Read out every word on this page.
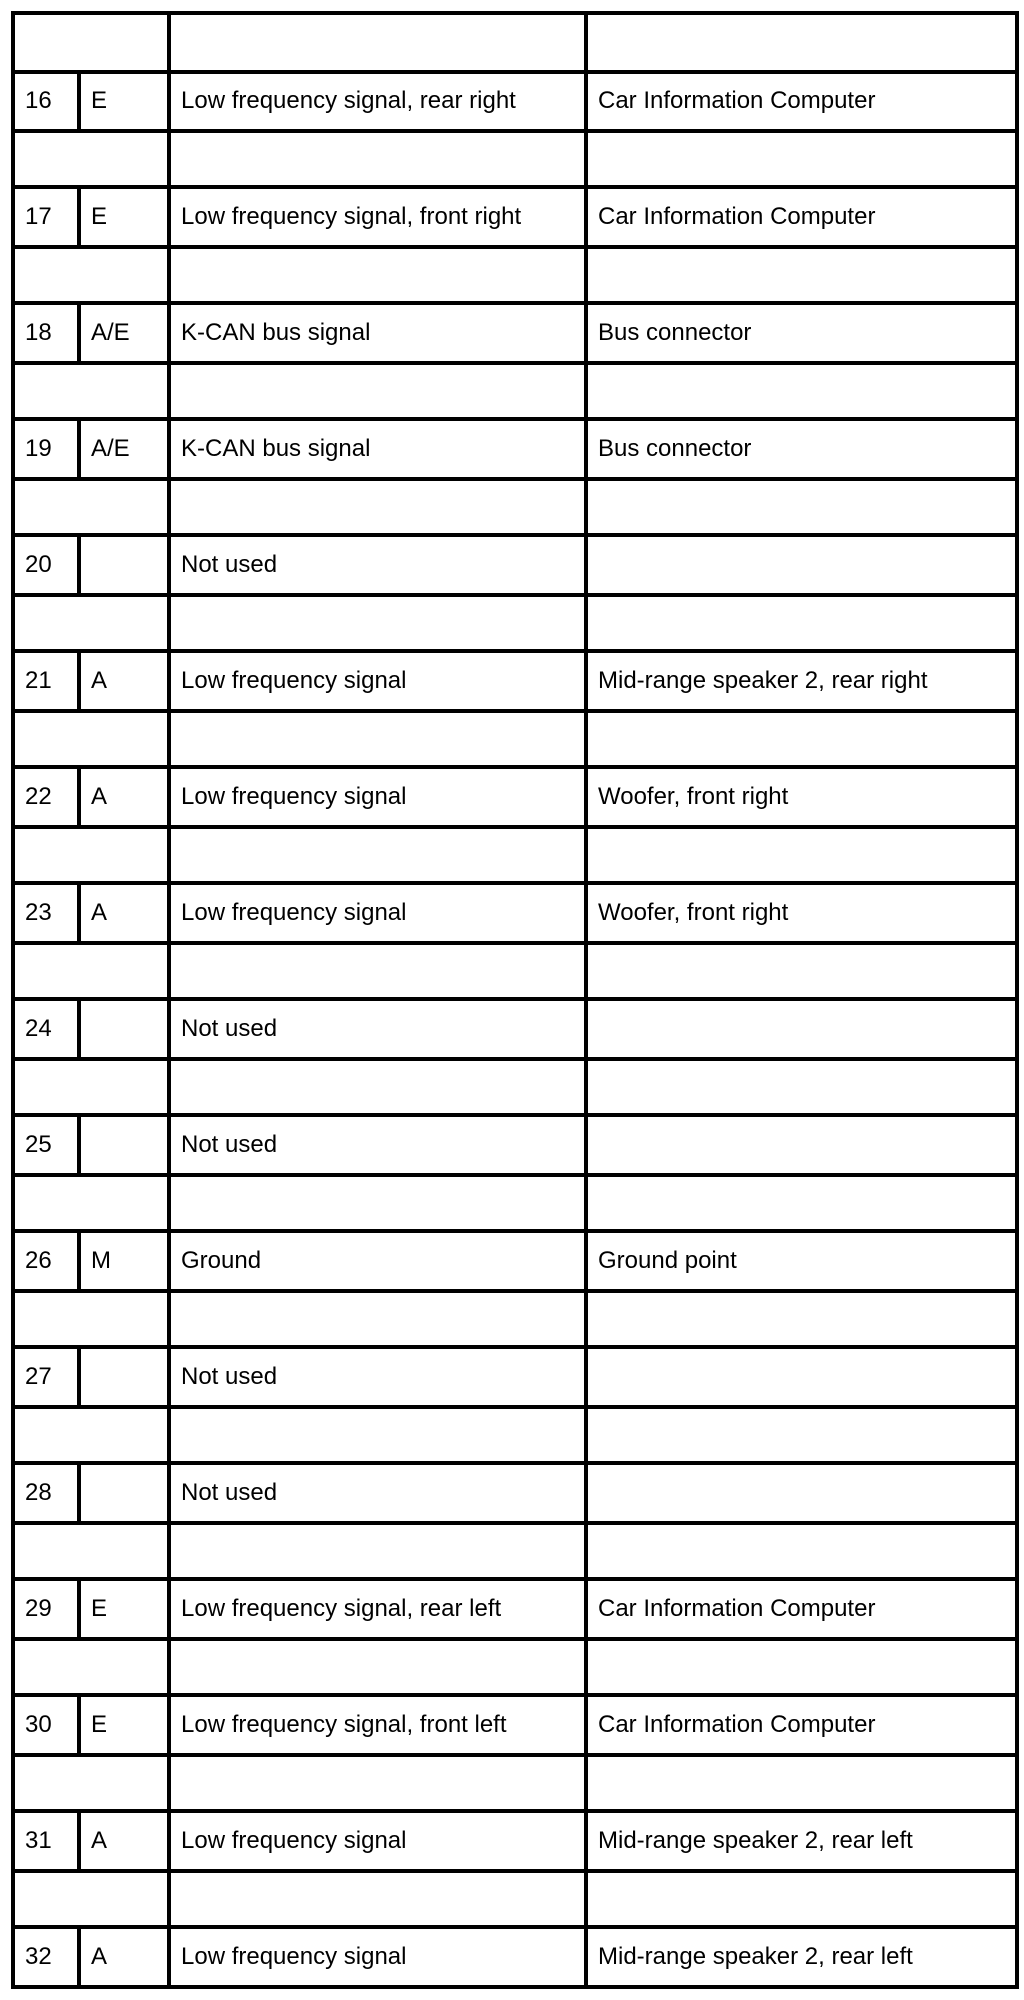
16	E	Low frequency signal, rear right	Car Information Computer

17	E	Low frequency signal, front right	Car Information Computer

18	A/E	K-CAN bus signal	Bus connector

19	A/E	K-CAN bus signal	Bus connector

20		Not used	

21	A	Low frequency signal	Mid-range speaker 2, rear right

22	A	Low frequency signal	Woofer, front right

23	A	Low frequency signal	Woofer, front right

24		Not used	

25		Not used	

26	M	Ground	Ground point

27		Not used	

28		Not used	

29	E	Low frequency signal, rear left	Car Information Computer

30	E	Low frequency signal, front left	Car Information Computer

31	A	Low frequency signal	Mid-range speaker 2, rear left

32	A	Low frequency signal	Mid-range speaker 2, rear left
